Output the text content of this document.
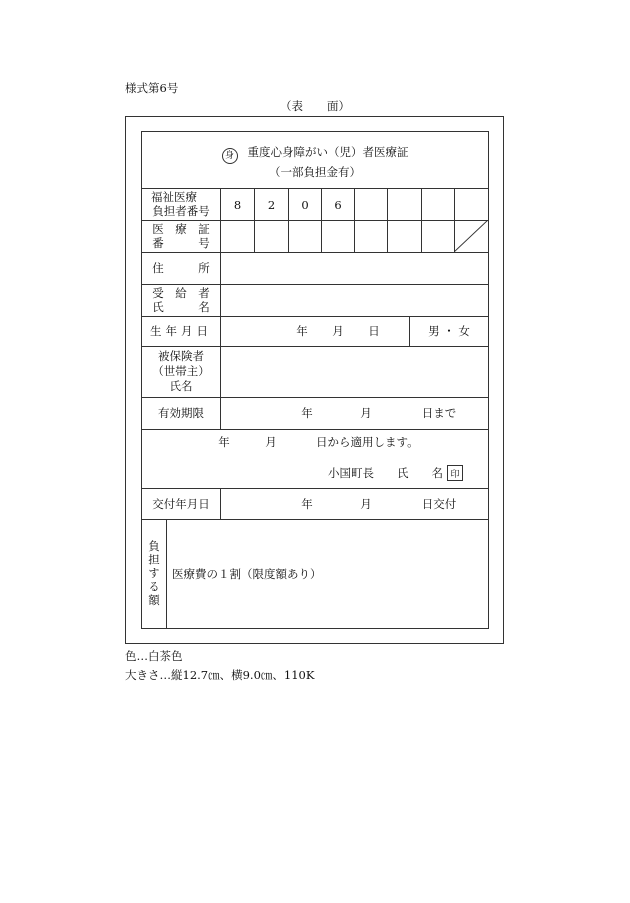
様式第6号
（表 面）
身 重度心身障がい（児）者医療証
（一部負担金有）
福祉医療
負担者番号	8	2	0	6
医　療　証
番　　　号
住　　　所
受　給　者
氏　　　名
生年月日	年	月	日	男 ・ 女
被保険者
（世帯主）
氏名
有効期限	年	月	日まで
年	月	日から適用します。
小国町長　　氏　　名 印
交付年月日	年	月	日交付
負担する額 医療費の１割（限度額あり）
色…白茶色
大きさ…縦12.7㎝、横9.0㎝、110K
